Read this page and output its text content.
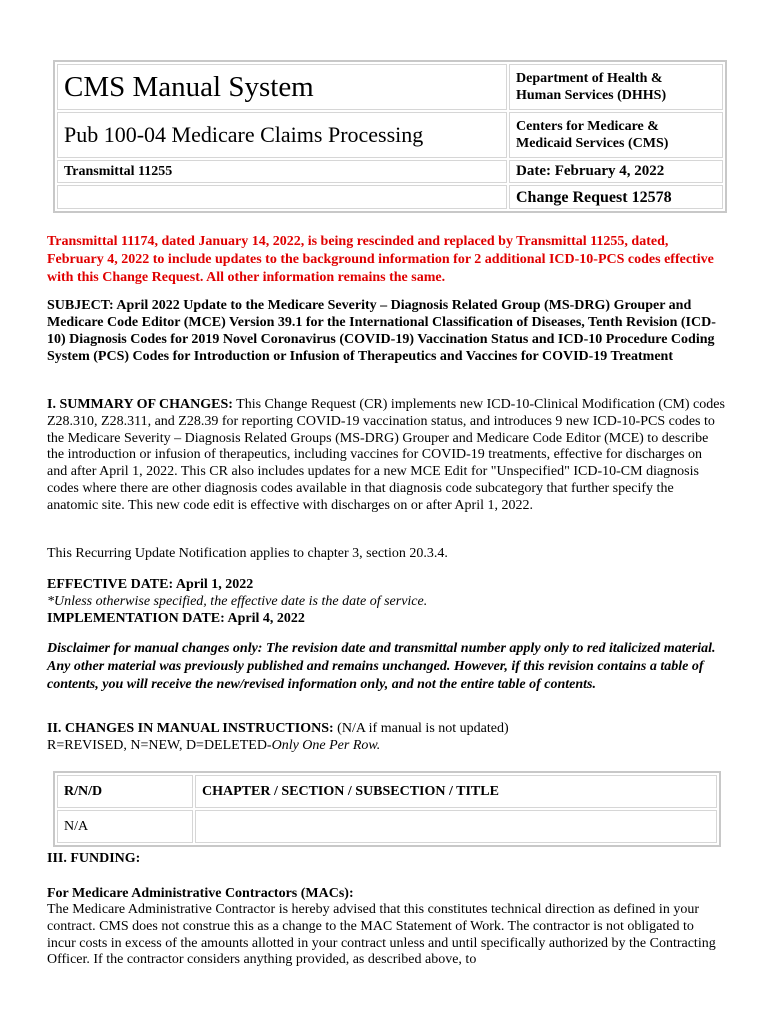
CMS Manual System	Department of Health &
Human Services (DHHS)
Pub 100-04 Medicare Claims Processing	Centers for Medicare &
Medicaid Services (CMS)
Transmittal 11255	Date: February 4, 2022
	Change Request 12578

Transmittal 11174, dated January 14, 2022, is being rescinded and replaced by Transmittal 11255, dated, February 4, 2022 to include updates to the background information for 2 additional ICD-10-PCS codes effective with this Change Request. All other information remains the same.

SUBJECT: April 2022 Update to the Medicare Severity – Diagnosis Related Group (MS-DRG) Grouper and Medicare Code Editor (MCE) Version 39.1 for the International Classification of Diseases, Tenth Revision (ICD-10) Diagnosis Codes for 2019 Novel Coronavirus (COVID-19) Vaccination Status and ICD-10 Procedure Coding System (PCS) Codes for Introduction or Infusion of Therapeutics and Vaccines for COVID-19 Treatment

I. SUMMARY OF CHANGES: This Change Request (CR) implements new ICD-10-Clinical Modification (CM) codes Z28.310, Z28.311, and Z28.39 for reporting COVID-19 vaccination status, and introduces 9 new ICD-10-PCS codes to the Medicare Severity – Diagnosis Related Groups (MS-DRG) Grouper and Medicare Code Editor (MCE) to describe the introduction or infusion of therapeutics, including vaccines for COVID-19 treatments, effective for discharges on and after April 1, 2022. This CR also includes updates for a new MCE Edit for "Unspecified" ICD-10-CM diagnosis codes where there are other diagnosis codes available in that diagnosis code subcategory that further specify the anatomic site. This new code edit is effective with discharges on or after April 1, 2022.

This Recurring Update Notification applies to chapter 3, section 20.3.4.

EFFECTIVE DATE: April 1, 2022

*Unless otherwise specified, the effective date is the date of service.

IMPLEMENTATION DATE: April 4, 2022

Disclaimer for manual changes only: The revision date and transmittal number apply only to red italicized material. Any other material was previously published and remains unchanged. However, if this revision contains a table of contents, you will receive the new/revised information only, and not the entire table of contents.

II. CHANGES IN MANUAL INSTRUCTIONS: (N/A if manual is not updated)

R=REVISED, N=NEW, D=DELETED-Only One Per Row.

R/N/D	CHAPTER / SECTION / SUBSECTION / TITLE
N/A	

III. FUNDING:

For Medicare Administrative Contractors (MACs):

The Medicare Administrative Contractor is hereby advised that this constitutes technical direction as defined in your contract. CMS does not construe this as a change to the MAC Statement of Work. The contractor is not obligated to incur costs in excess of the amounts allotted in your contract unless and until specifically authorized by the Contracting Officer. If the contractor considers anything provided, as described above, to
